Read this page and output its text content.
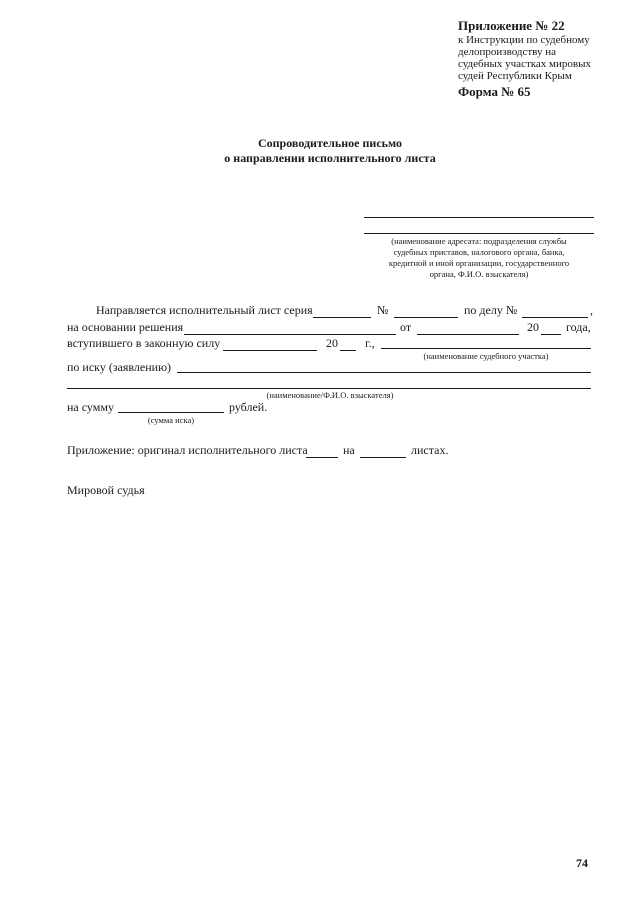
Приложение № 22
к Инструкции по судебному
делопроизводству на
судебных участках мировых
судей Республики Крым
Форма № 65
Сопроводительное письмо
о направлении исполнительного листа
(наименование адресата: подразделения службы
судебных приставов, налогового органа, банка,
кредитной и иной организации, государственного
органа, Ф.И.О. взыскателя)
Направляется исполнительный лист серия	№	по делу №	,
на основании решения	от	20 года,
вступившего в законную силу	20 г.,
(наименование судебного участка)
по иску (заявлению)
(наименование/Ф.И.О. взыскателя)
на сумму	рублей.
(сумма иска)
Приложение: оригинал исполнительного листа	на	листах.
Мировой судья
74
